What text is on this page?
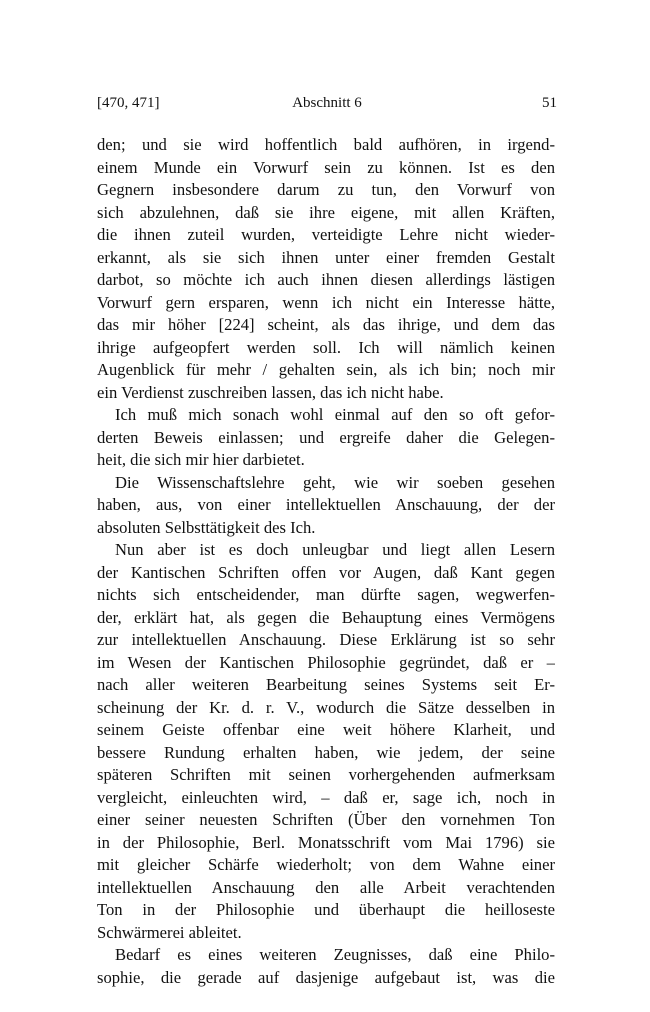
[470, 471]	Abschnitt 6	51
den; und sie wird hoffentlich bald aufhören, in irgend-
einem Munde ein Vorwurf sein zu können. Ist es den
Gegnern insbesondere darum zu tun, den Vorwurf von
sich abzulehnen, daß sie ihre eigene, mit allen Kräften,
die ihnen zuteil wurden, verteidigte Lehre nicht wieder-
erkannt, als sie sich ihnen unter einer fremden Gestalt
darbot, so möchte ich auch ihnen diesen allerdings lästigen
Vorwurf gern ersparen, wenn ich nicht ein Interesse hätte,
das mir höher [224] scheint, als das ihrige, und dem das
ihrige aufgeopfert werden soll. Ich will nämlich keinen
Augenblick für mehr / gehalten sein, als ich bin; noch mir
ein Verdienst zuschreiben lassen, das ich nicht habe.
Ich muß mich sonach wohl einmal auf den so oft gefor-
derten Beweis einlassen; und ergreife daher die Gelegen-
heit, die sich mir hier darbietet.
Die Wissenschaftslehre geht, wie wir soeben gesehen
haben, aus, von einer intellektuellen Anschauung, der der
absoluten Selbsttätigkeit des Ich.
Nun aber ist es doch unleugbar und liegt allen Lesern
der Kantischen Schriften offen vor Augen, daß Kant gegen
nichts sich entscheidender, man dürfte sagen, wegwerfen-
der, erklärt hat, als gegen die Behauptung eines Vermögens
zur intellektuellen Anschauung. Diese Erklärung ist so sehr
im Wesen der Kantischen Philosophie gegründet, daß er –
nach aller weiteren Bearbeitung seines Systems seit Er-
scheinung der Kr. d. r. V., wodurch die Sätze desselben in
seinem Geiste offenbar eine weit höhere Klarheit, und
bessere Rundung erhalten haben, wie jedem, der seine
späteren Schriften mit seinen vorhergehenden aufmerksam
vergleicht, einleuchten wird, – daß er, sage ich, noch in
einer seiner neuesten Schriften (Über den vornehmen Ton
in der Philosophie, Berl. Monatsschrift vom Mai 1796) sie
mit gleicher Schärfe wiederholt; von dem Wahne einer
intellektuellen Anschauung den alle Arbeit verachtenden
Ton in der Philosophie und überhaupt die heilloseste
Schwärmerei ableitet.
Bedarf es eines weiteren Zeugnisses, daß eine Philo-
sophie, die gerade auf dasjenige aufgebaut ist, was die
